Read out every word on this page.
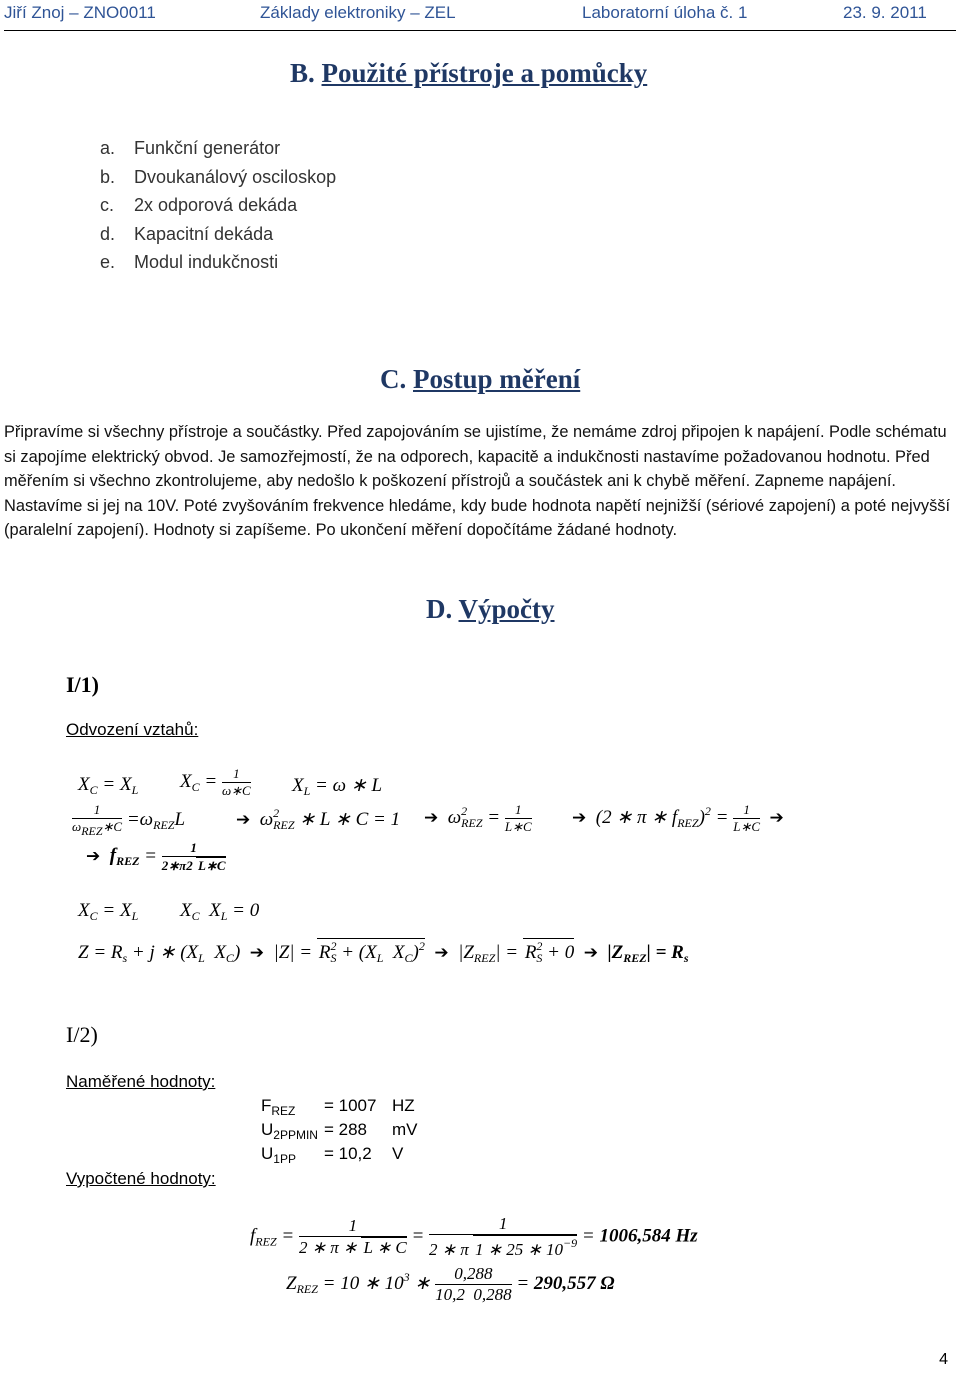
Jiří Znoj – ZNO0011	Základy elektroniky – ZEL	Laboratorní úloha č. 1	23. 9. 2011
B. Použité přístroje a pomůcky
a. Funkční generátor
b. Dvoukanálový osciloskop
c. 2x odporová dekáda
d. Kapacitní dekáda
e. Modul indukčnosti
C. Postup měření
Připravíme si všechny přístroje a součástky. Před zapojováním se ujistíme, že nemáme zdroj připojen k napájení. Podle schématu si zapojíme elektrický obvod. Je samozřejmostí, že na odporech, kapacitě a indukčnosti nastavíme požadovanou hodnotu. Před měřením si všechno zkontrolujeme, aby nedošlo k poškození přístrojů a součástek ani k chybě měření. Zapneme napájení. Nastavíme si jej na 10V. Poté zvyšováním frekvence hledáme, kdy bude hodnota napětí nejnižší (sériové zapojení) a poté nejvyšší (paralelní zapojení). Hodnoty si zapíšeme. Po ukončení měření dopočítáme žádané hodnoty.
D. Výpočty
I/1)
Odvození vztahů:
$X_C = X_L$ $X_C = \frac{1}{\omega∗C} X_L = \omega$ ∗ L
$\frac{1}{\text{ωREZ∗C}} =\omega_{REZ}L$	➔  $\omega^2_{REZ}$ ∗ L ∗ C = 1 ➔  $\omega^2_{REZ} = \frac{1}{L∗C}$ ➔  (2 ∗ π ∗ $f_{REZ})^2 = \frac{1}{L∗C}$ ➔
➔ $f_{REZ} = \frac{1}{2∗\pi 2 L∗C}$
$X_C = X_L$ $X_C$  $X_L = 0$
$Z = R_s + j$ ∗ ($X_L$  $X_C$)  ➔  $|Z| = R^2_S + (X_L$  $X_C)^2$ ➔  $|Z_{REZ}| = R^2_S + 0$ ➔ $|Z_{REZ}| = R_s$
I/2)
Naměřené hodnoty:
$F_{REZ} = 1007$ HZ
$U_{2PPMIN} = 288$ mV
$U_{1PP} = 10,2$ V
Vypočtené hodnoty:
$f_{REZ} = \frac{1}{2 ∗ \pi ∗ L ∗ C} = \frac{1}{2 ∗ \pi 1 ∗ 25 ∗ 10^{-9}} = 1006,584$ Hz
$Z_{REZ} = 10$ ∗ $10^3$ ∗ $\frac{0,288}{10,2 0,288} = 290,557$ Ω
4
